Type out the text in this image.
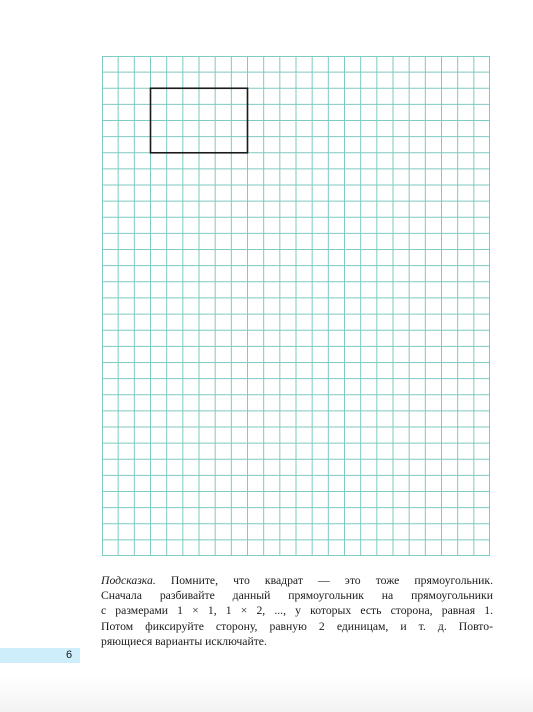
Подсказка. Помните, что квадрат — это тоже прямоугольник.
Сначала разбивайте данный прямоугольник на прямоугольники
с размерами 1 × 1, 1 × 2, ..., у которых есть сторона, равная 1.
Потом фиксируйте сторону, равную 2 единицам, и т. д. Повто-
ряющиеся варианты исключайте.
6
